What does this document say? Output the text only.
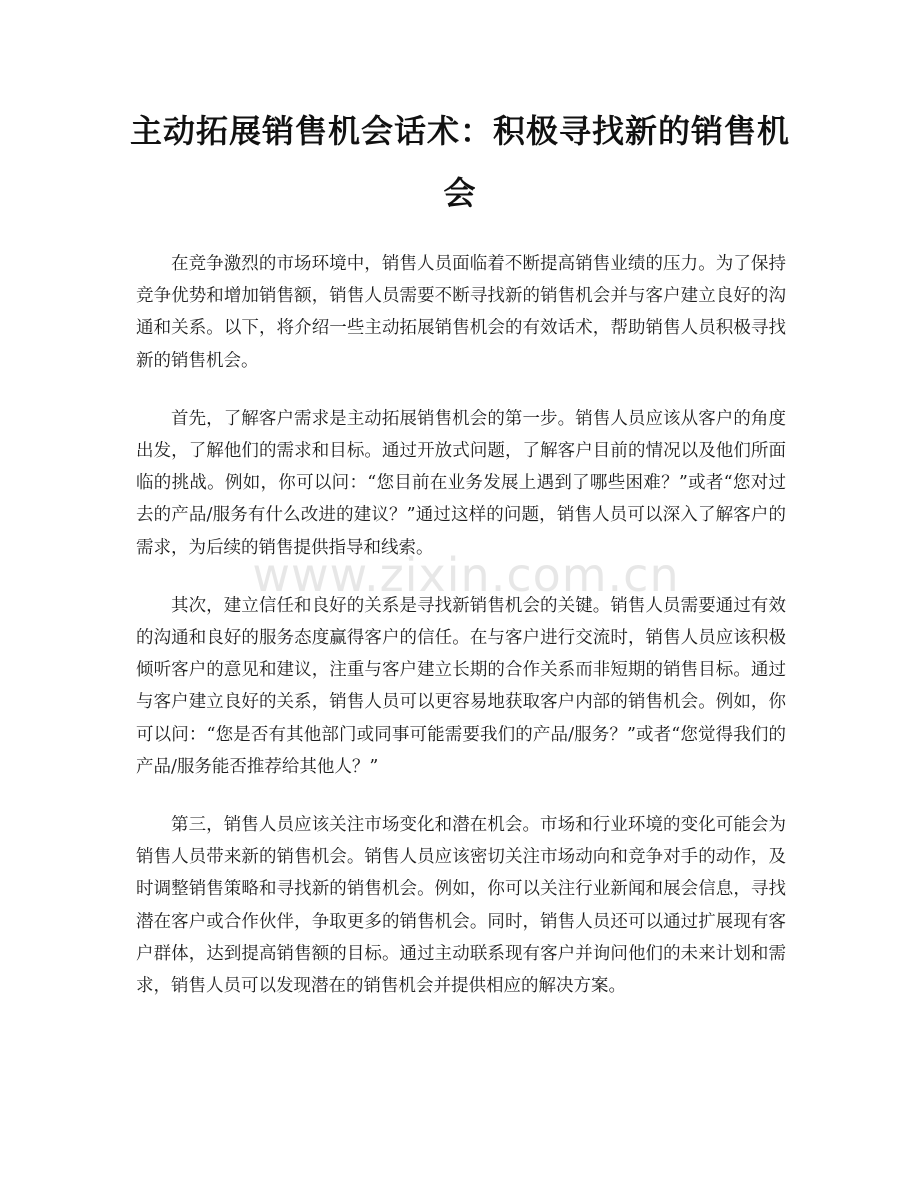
主动拓展销售机会话术：积极寻找新的销售机会

在竞争激烈的市场环境中，销售人员面临着不断提高销售业绩的压力。为了保持竞争优势和增加销售额，销售人员需要不断寻找新的销售机会并与客户建立良好的沟通和关系。以下，将介绍一些主动拓展销售机会的有效话术，帮助销售人员积极寻找新的销售机会。

首先，了解客户需求是主动拓展销售机会的第一步。销售人员应该从客户的角度出发，了解他们的需求和目标。通过开放式问题，了解客户目前的情况以及他们所面临的挑战。例如，你可以问：“您目前在业务发展上遇到了哪些困难？”或者“您对过去的产品/服务有什么改进的建议？”通过这样的问题，销售人员可以深入了解客户的需求，为后续的销售提供指导和线索。

其次，建立信任和良好的关系是寻找新销售机会的关键。销售人员需要通过有效的沟通和良好的服务态度赢得客户的信任。在与客户进行交流时，销售人员应该积极倾听客户的意见和建议，注重与客户建立长期的合作关系而非短期的销售目标。通过与客户建立良好的关系，销售人员可以更容易地获取客户内部的销售机会。例如，你可以问：“您是否有其他部门或同事可能需要我们的产品/服务？”或者“您觉得我们的产品/服务能否推荐给其他人？”

第三，销售人员应该关注市场变化和潜在机会。市场和行业环境的变化可能会为销售人员带来新的销售机会。销售人员应该密切关注市场动向和竞争对手的动作，及时调整销售策略和寻找新的销售机会。例如，你可以关注行业新闻和展会信息，寻找潜在客户或合作伙伴，争取更多的销售机会。同时，销售人员还可以通过扩展现有客户群体，达到提高销售额的目标。通过主动联系现有客户并询问他们的未来计划和需求，销售人员可以发现潜在的销售机会并提供相应的解决方案。

www.zixin.com.cn
